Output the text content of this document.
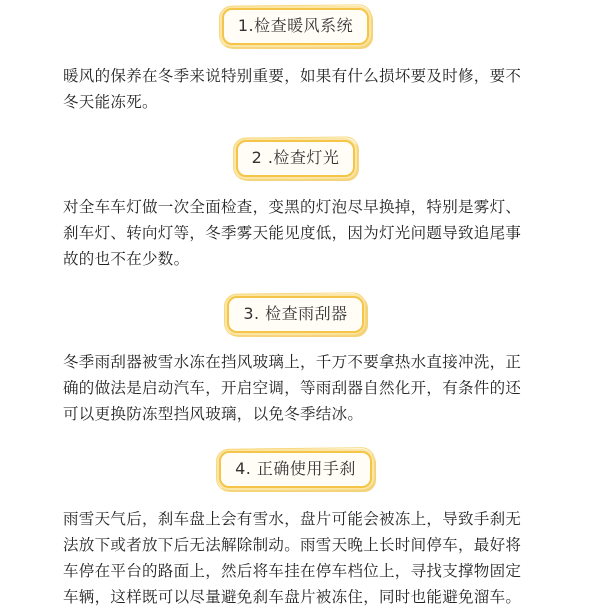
1.检查暖风系统

暖风的保养在冬季来说特别重要，如果有什么损坏要及时修，要不
冬天能冻死。

2 .检查灯光

对全车车灯做一次全面检查，变黑的灯泡尽早换掉，特别是雾灯、
刹车灯、转向灯等，冬季雾天能见度低，因为灯光问题导致追尾事
故的也不在少数。

3. 检查雨刮器

冬季雨刮器被雪水冻在挡风玻璃上，千万不要拿热水直接冲洗，正
确的做法是启动汽车，开启空调，等雨刮器自然化开，有条件的还
可以更换防冻型挡风玻璃，以免冬季结冰。

4. 正确使用手刹

雨雪天气后，刹车盘上会有雪水，盘片可能会被冻上，导致手刹无
法放下或者放下后无法解除制动。雨雪天晚上长时间停车，最好将
车停在平台的路面上，然后将车挂在停车档位上，寻找支撑物固定
车辆，这样既可以尽量避免刹车盘片被冻住，同时也能避免溜车。
